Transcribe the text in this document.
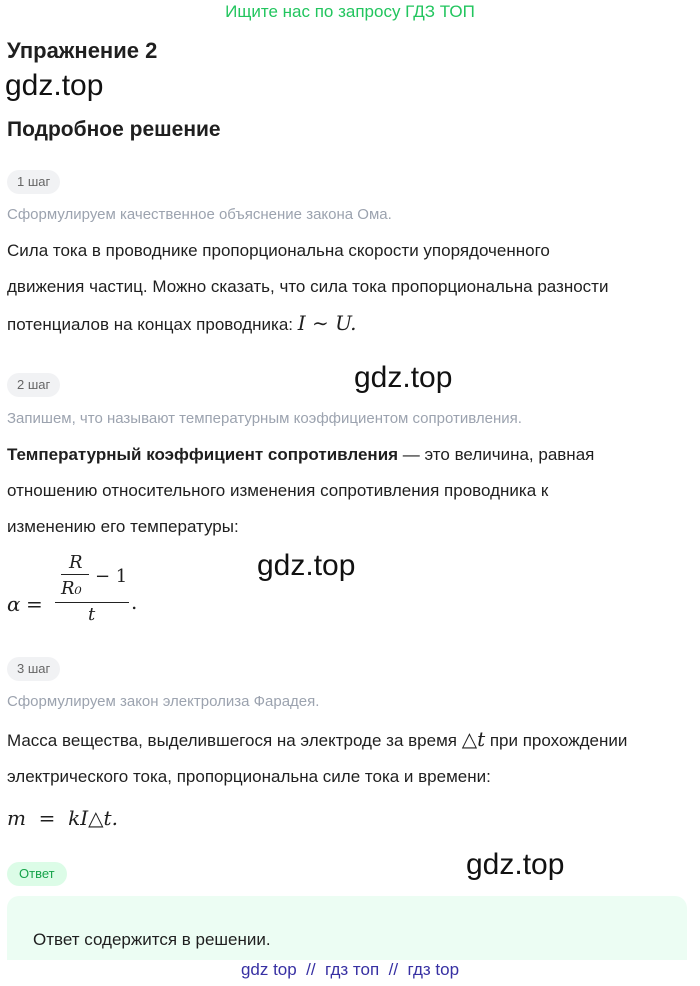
Ищите нас по запросу ГДЗ ТОП
Упражнение 2
gdz.top
Подробное решение
1 шаг
Сформулируем качественное объяснение закона Ома.
Сила тока в проводнике пропорциональна скорости упорядоченного
движения частиц. Можно сказать, что сила тока пропорциональна разности
потенциалов на концах проводника: I ∼ U.
gdz.top
2 шаг
Запишем, что называют температурным коэффициентом сопротивления.
Температурный коэффициент сопротивления — это величина, равная
отношению относительного изменения сопротивления проводника к
изменению его температуры:
α =
R
R₀
− 1
t
.
gdz.top
3 шаг
Сформулируем закон электролиза Фарадея.
Масса вещества, выделившегося на электроде за время △t при прохождении
электрического тока, пропорциональна силе тока и времени:
m  =  kI△t.
gdz.top
Ответ
Ответ содержится в решении.
gdz top  //  гдз топ  //  гдз top
